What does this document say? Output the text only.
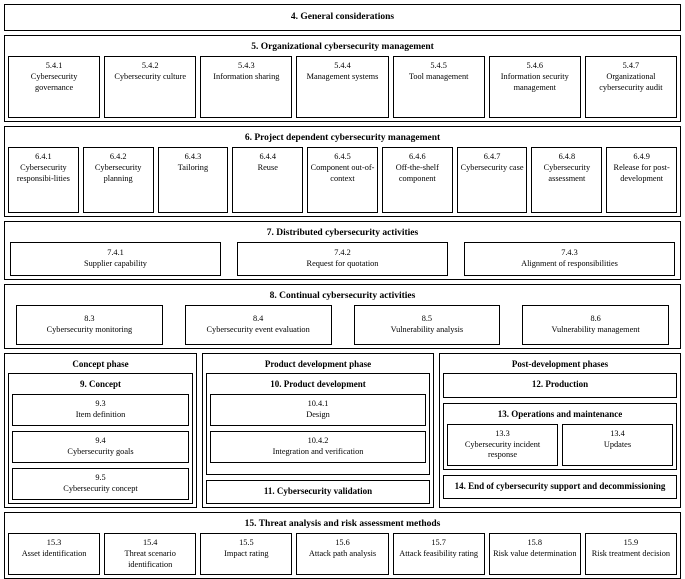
4. General considerations
5. Organizational cybersecurity management
5.4.1
Cybersecurity governance
5.4.2
Cybersecurity culture
5.4.3
Information sharing
5.4.4
Management systems
5.4.5
Tool management
5.4.6
Information security management
5.4.7
Organizational cybersecurity audit
6. Project dependent cybersecurity management
6.4.1
Cybersecurity responsibi-lities
6.4.2
Cybersecurity planning
6.4.3
Tailoring
6.4.4
Reuse
6.4.5
Component out-of-context
6.4.6
Off-the-shelf component
6.4.7
Cybersecurity case
6.4.8
Cybersecurity assessment
6.4.9
Release for post-development
7. Distributed cybersecurity activities
7.4.1
Supplier capability
7.4.2
Request for quotation
7.4.3
Alignment of responsibilities
8. Continual cybersecurity activities
8.3
Cybersecurity monitoring
8.4
Cybersecurity event evaluation
8.5
Vulnerability analysis
8.6
Vulnerability management
Concept phase
9. Concept
9.3
Item definition
9.4
Cybersecurity goals
9.5
Cybersecurity concept
Product development phase
10. Product development
10.4.1
Design
10.4.2
Integration and verification
11. Cybersecurity validation
Post-development phases
12. Production
13. Operations and maintenance
13.3
Cybersecurity incident response
13.4
Updates
14. End of cybersecurity support and decommissioning
15. Threat analysis and risk assessment methods
15.3
Asset identification
15.4
Threat scenario identification
15.5
Impact rating
15.6
Attack path analysis
15.7
Attack feasibility rating
15.8
Risk value determination
15.9
Risk treatment decision
